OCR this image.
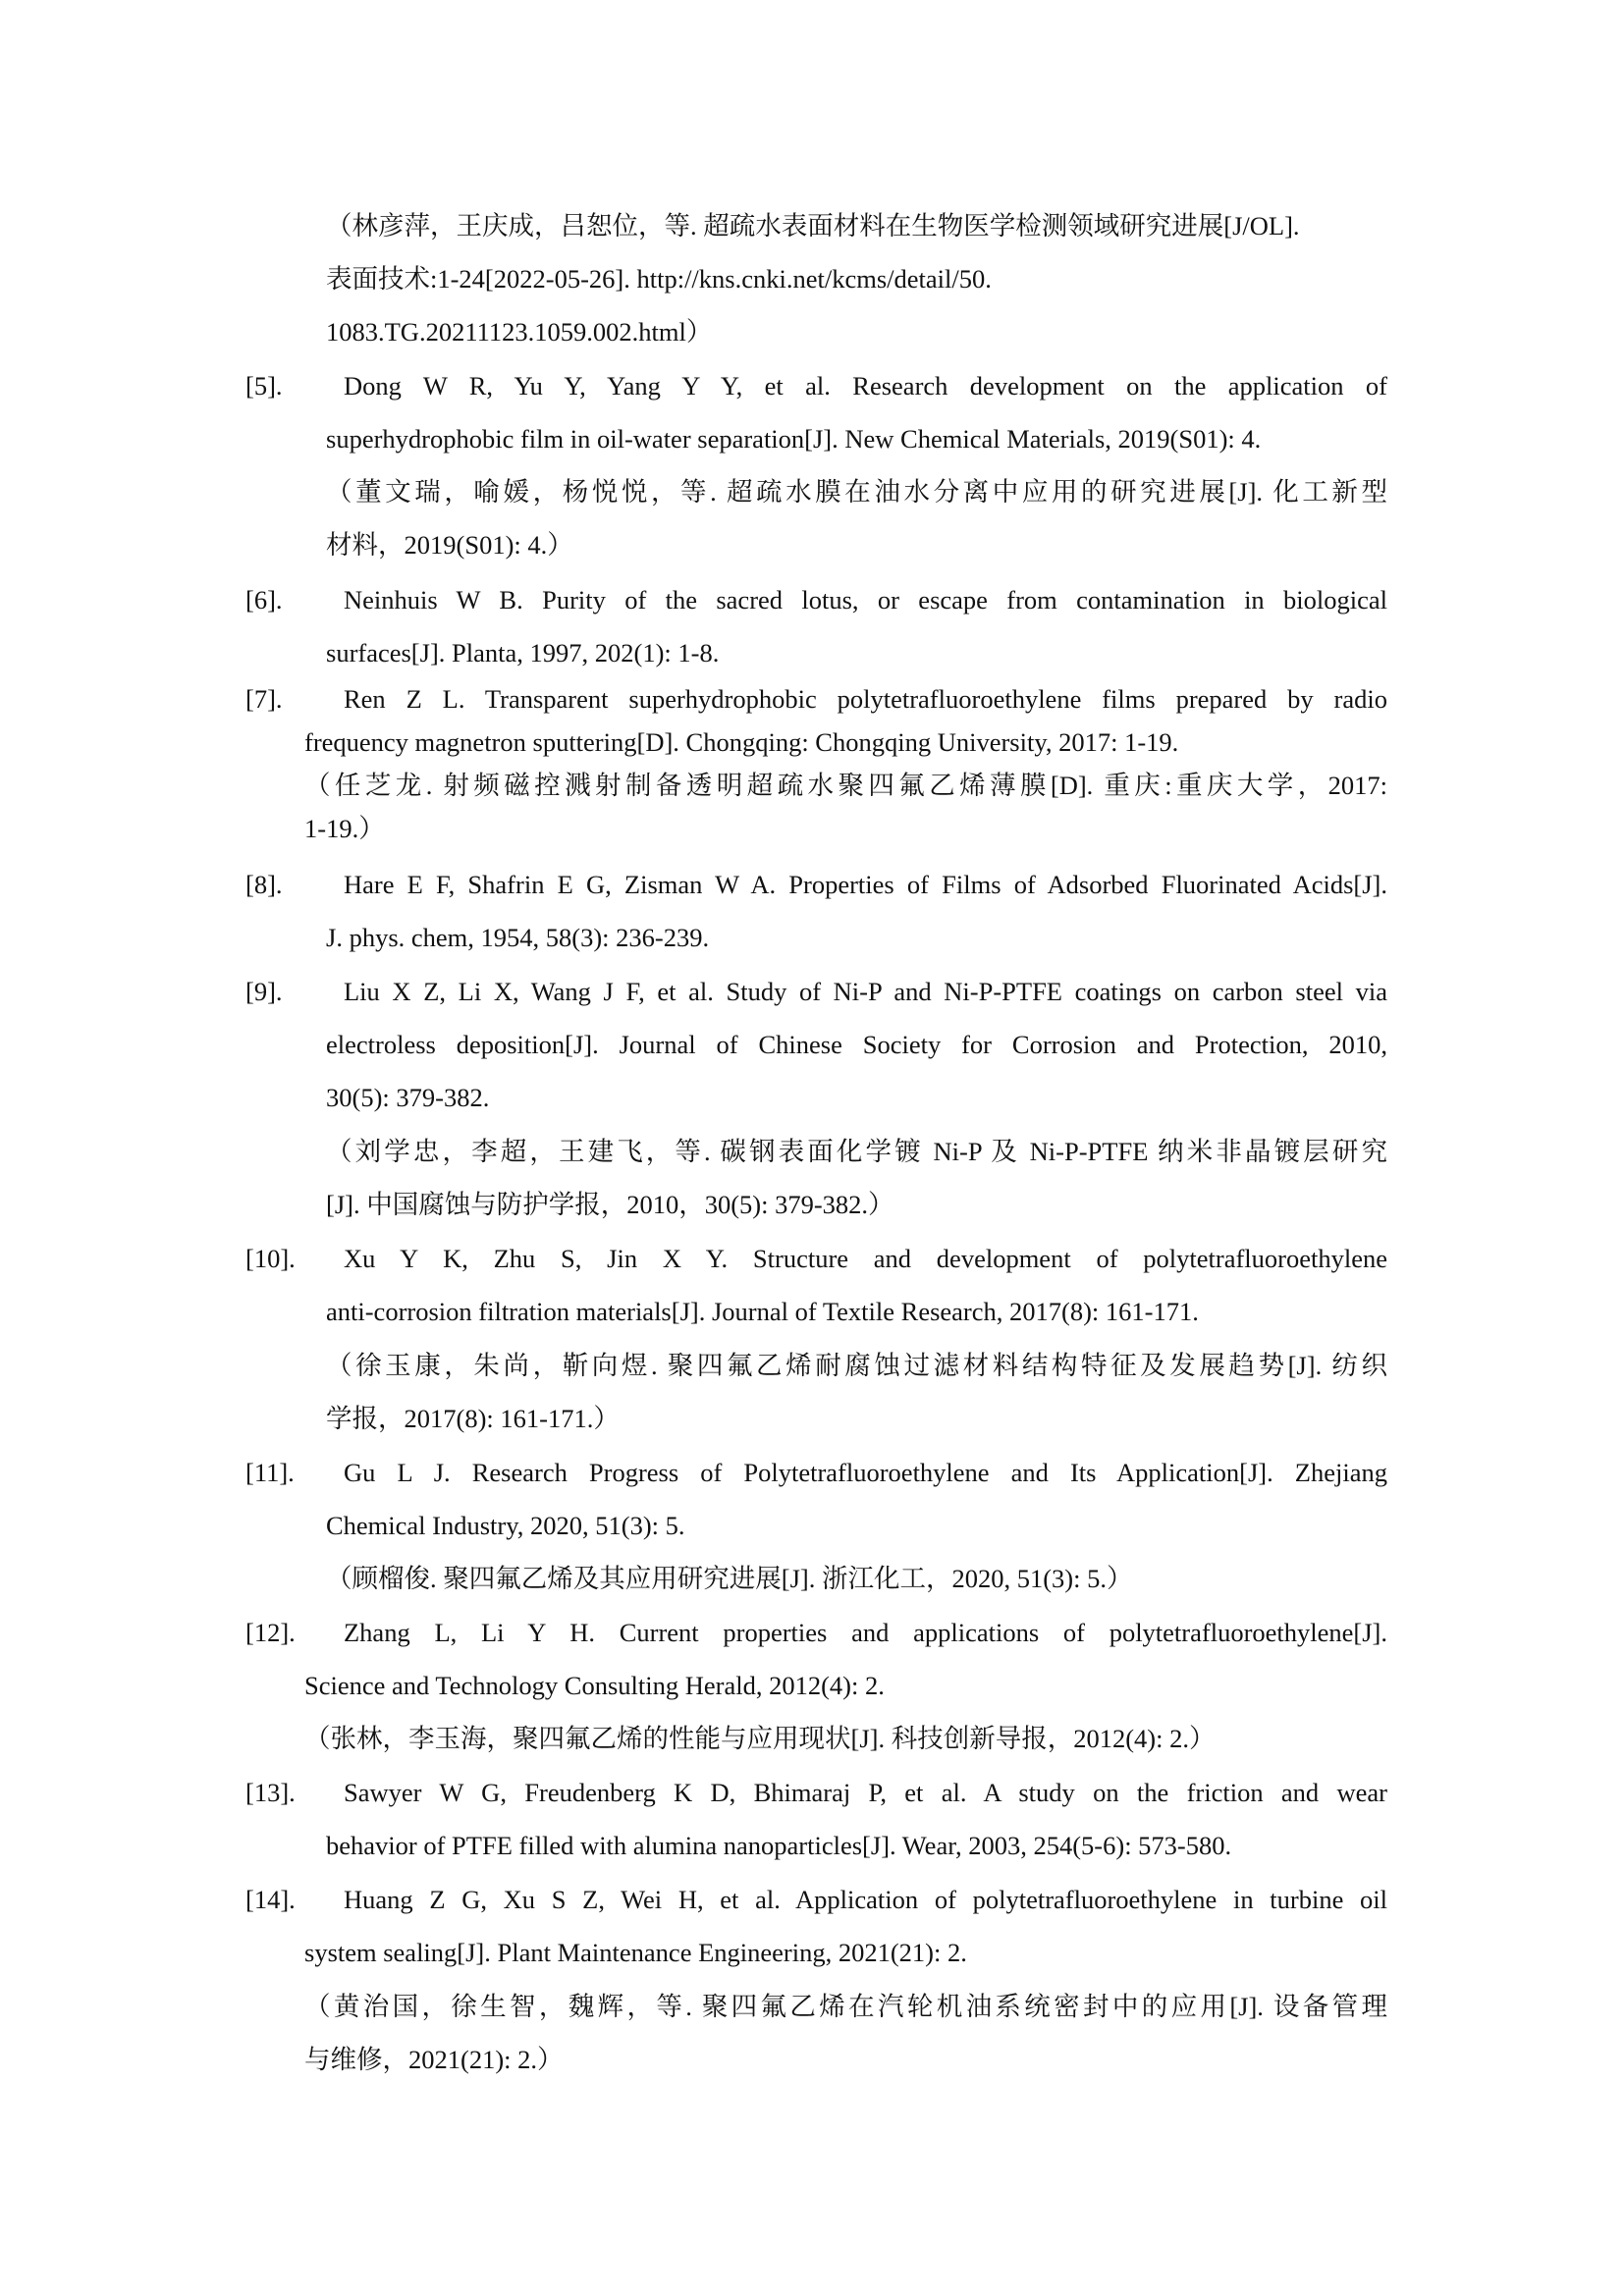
（林彦萍，王庆成，吕恕位，等. 超疏水表面材料在生物医学检测领域研究进展[J/OL].
表面技术:1-24[2022-05-26]. http://kns.cnki.net/kcms/detail/50.
1083.TG.20211123.1059.002.html）
[5]. Dong W R, Yu Y, Yang Y Y, et al. Research development on the application of
superhydrophobic film in oil-water separation[J]. New Chemical Materials, 2019(S01): 4.
（董文瑞，喻媛，杨悦悦，等. 超疏水膜在油水分离中应用的研究进展[J]. 化工新型
材料，2019(S01): 4.）
[6]. Neinhuis W B. Purity of the sacred lotus, or escape from contamination in biological
surfaces[J]. Planta, 1997, 202(1): 1-8.
[7]. Ren Z L. Transparent superhydrophobic polytetrafluoroethylene films prepared by radio
frequency magnetron sputtering[D]. Chongqing: Chongqing University, 2017: 1-19.
（任芝龙. 射频磁控溅射制备透明超疏水聚四氟乙烯薄膜[D]. 重庆:重庆大学，2017:
1-19.）
[8]. Hare E F, Shafrin E G, Zisman W A. Properties of Films of Adsorbed Fluorinated Acids[J].
J. phys. chem, 1954, 58(3): 236-239.
[9]. Liu X Z, Li X, Wang J F, et al. Study of Ni-P and Ni-P-PTFE coatings on carbon steel via
electroless deposition[J]. Journal of Chinese Society for Corrosion and Protection, 2010,
30(5): 379-382.
（刘学忠，李超，王建飞，等. 碳钢表面化学镀 Ni-P 及 Ni-P-PTFE 纳米非晶镀层研究
[J]. 中国腐蚀与防护学报，2010，30(5): 379-382.）
[10]. Xu Y K, Zhu S, Jin X Y. Structure and development of polytetrafluoroethylene
anti-corrosion filtration materials[J]. Journal of Textile Research, 2017(8): 161-171.
（徐玉康，朱尚，靳向煜. 聚四氟乙烯耐腐蚀过滤材料结构特征及发展趋势[J]. 纺织
学报，2017(8): 161-171.）
[11]. Gu L J. Research Progress of Polytetrafluoroethylene and Its Application[J]. Zhejiang
Chemical Industry, 2020, 51(3): 5.
（顾榴俊. 聚四氟乙烯及其应用研究进展[J]. 浙江化工，2020, 51(3): 5.）
[12]. Zhang L, Li Y H. Current properties and applications of polytetrafluoroethylene[J].
Science and Technology Consulting Herald, 2012(4): 2.
（张林，李玉海，聚四氟乙烯的性能与应用现状[J]. 科技创新导报，2012(4): 2.）
[13]. Sawyer W G, Freudenberg K D, Bhimaraj P, et al. A study on the friction and wear
behavior of PTFE filled with alumina nanoparticles[J]. Wear, 2003, 254(5-6): 573-580.
[14]. Huang Z G, Xu S Z, Wei H, et al. Application of polytetrafluoroethylene in turbine oil
system sealing[J]. Plant Maintenance Engineering, 2021(21): 2.
（黄治国，徐生智，魏辉，等. 聚四氟乙烯在汽轮机油系统密封中的应用[J]. 设备管理
与维修，2021(21): 2.）
